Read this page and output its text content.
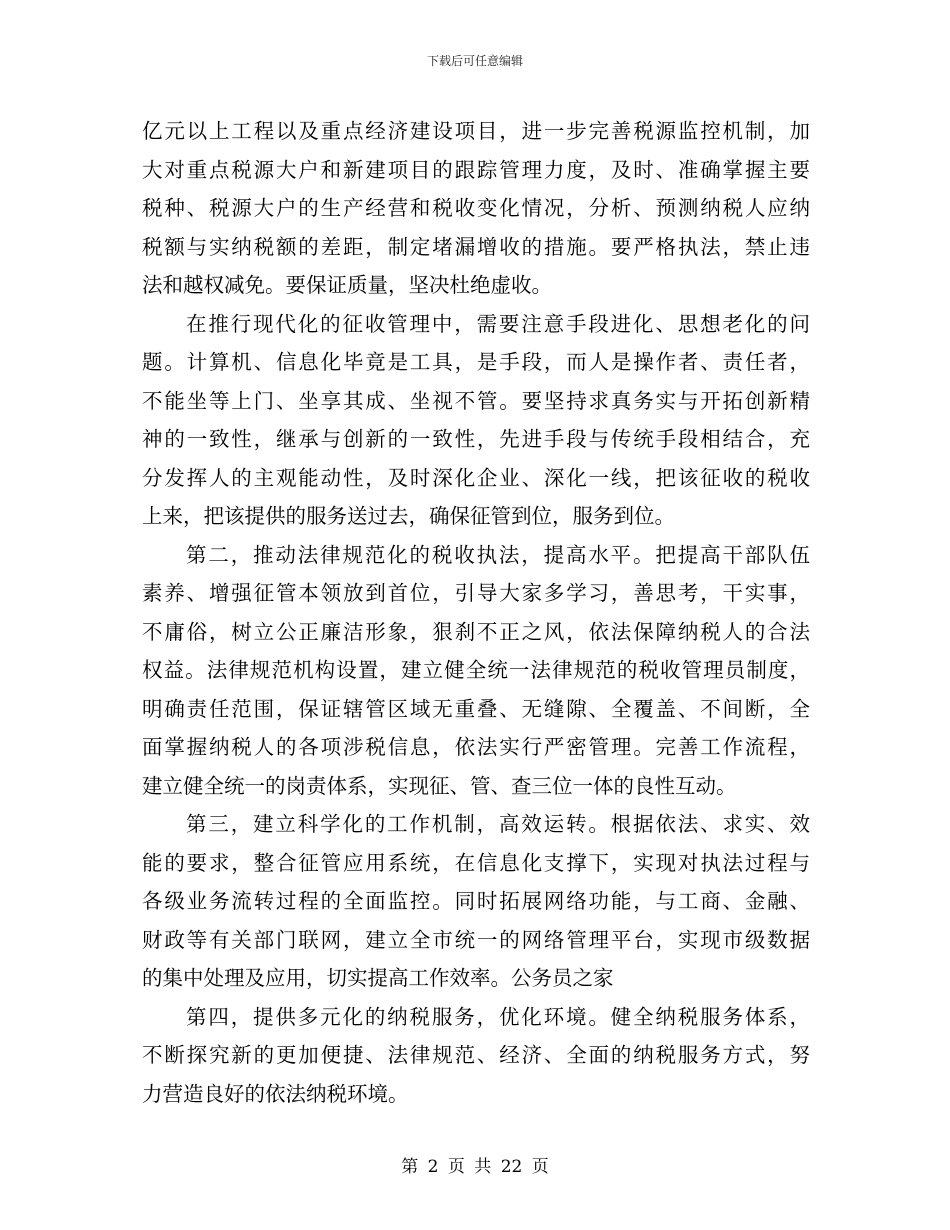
下载后可任意编辑
亿元以上工程以及重点经济建设项目，进一步完善税源监控机制，加
大对重点税源大户和新建项目的跟踪管理力度，及时、准确掌握主要
税种、税源大户的生产经营和税收变化情况，分析、预测纳税人应纳
税额与实纳税额的差距，制定堵漏增收的措施。要严格执法，禁止违
法和越权减免。要保证质量，坚决杜绝虚收。
在推行现代化的征收管理中，需要注意手段进化、思想老化的问
题。计算机、信息化毕竟是工具，是手段，而人是操作者、责任者，
不能坐等上门、坐享其成、坐视不管。要坚持求真务实与开拓创新精
神的一致性，继承与创新的一致性，先进手段与传统手段相结合，充
分发挥人的主观能动性，及时深化企业、深化一线，把该征收的税收
上来，把该提供的服务送过去，确保征管到位，服务到位。
第二，推动法律规范化的税收执法，提高水平。把提高干部队伍
素养、增强征管本领放到首位，引导大家多学习，善思考，干实事，
不庸俗，树立公正廉洁形象，狠刹不正之风，依法保障纳税人的合法
权益。法律规范机构设置，建立健全统一法律规范的税收管理员制度，
明确责任范围，保证辖管区域无重叠、无缝隙、全覆盖、不间断，全
面掌握纳税人的各项涉税信息，依法实行严密管理。完善工作流程，
建立健全统一的岗责体系，实现征、管、查三位一体的良性互动。
第三，建立科学化的工作机制，高效运转。根据依法、求实、效
能的要求，整合征管应用系统，在信息化支撑下，实现对执法过程与
各级业务流转过程的全面监控。同时拓展网络功能，与工商、金融、
财政等有关部门联网，建立全市统一的网络管理平台，实现市级数据
的集中处理及应用，切实提高工作效率。公务员之家
第四，提供多元化的纳税服务，优化环境。健全纳税服务体系，
不断探究新的更加便捷、法律规范、经济、全面的纳税服务方式，努
力营造良好的依法纳税环境。
第 2 页 共 22 页
